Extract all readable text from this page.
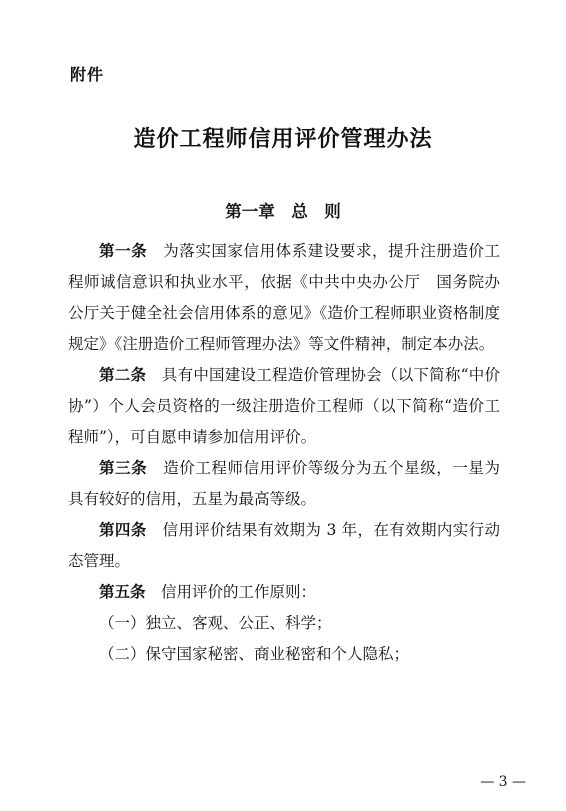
附件
造价工程师信用评价管理办法
第一章　总　则

第一条　为落实国家信用体系建设要求，提升注册造价工程师诚信意识和执业水平，依据《中共中央办公厅　国务院办公厅关于健全社会信用体系的意见》《造价工程师职业资格制度规定》《注册造价工程师管理办法》等文件精神，制定本办法。

第二条　具有中国建设工程造价管理协会（以下简称“中价协”）个人会员资格的一级注册造价工程师（以下简称“造价工程师”），可自愿申请参加信用评价。

第三条　造价工程师信用评价等级分为五个星级，一星为具有较好的信用，五星为最高等级。

第四条　信用评价结果有效期为 3 年，在有效期内实行动态管理。

第五条　信用评价的工作原则：

（一）独立、客观、公正、科学；

（二）保守国家秘密、商业秘密和个人隐私；

— 3 —
